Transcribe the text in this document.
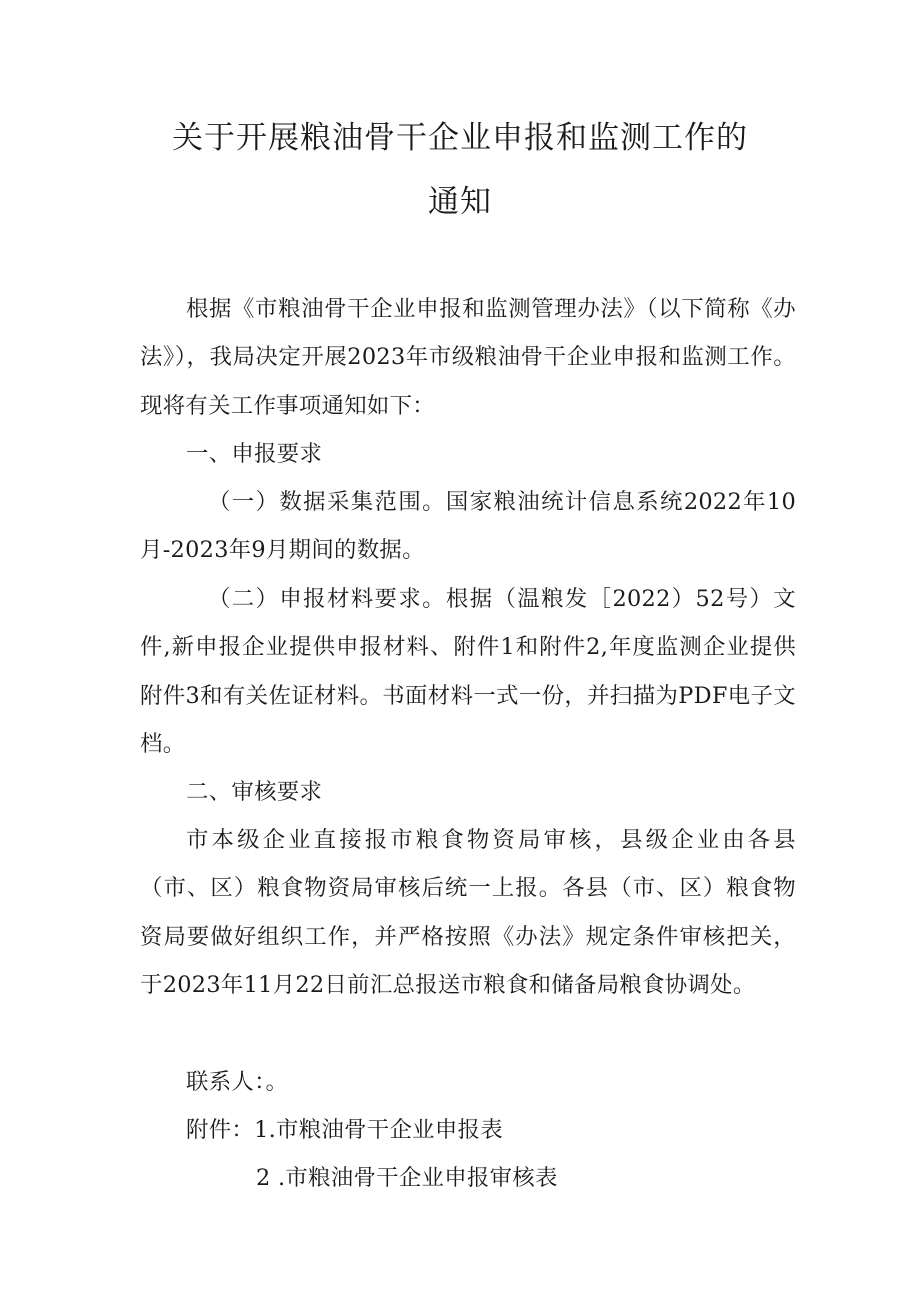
关于开展粮油骨干企业申报和监测工作的
通知

根据《市粮油骨干企业申报和监测管理办法》（以下简称《办法》），我局决定开展2023年市级粮油骨干企业申报和监测工作。现将有关工作事项通知如下：

一、申报要求

（一）数据采集范围。国家粮油统计信息系统2022年10月-2023年9月期间的数据。

（二）申报材料要求。根据（温粮发［2022）52号）文件,新申报企业提供申报材料、附件1和附件2,年度监测企业提供附件3和有关佐证材料。书面材料一式一份，并扫描为PDF电子文档。

二、审核要求

市本级企业直接报市粮食物资局审核，县级企业由各县（市、区）粮食物资局审核后统一上报。各县（市、区）粮食物资局要做好组织工作，并严格按照《办法》规定条件审核把关，于2023年11月22日前汇总报送市粮食和储备局粮食协调处。

联系人：。

附件：1.市粮油骨干企业申报表

2 .市粮油骨干企业申报审核表
